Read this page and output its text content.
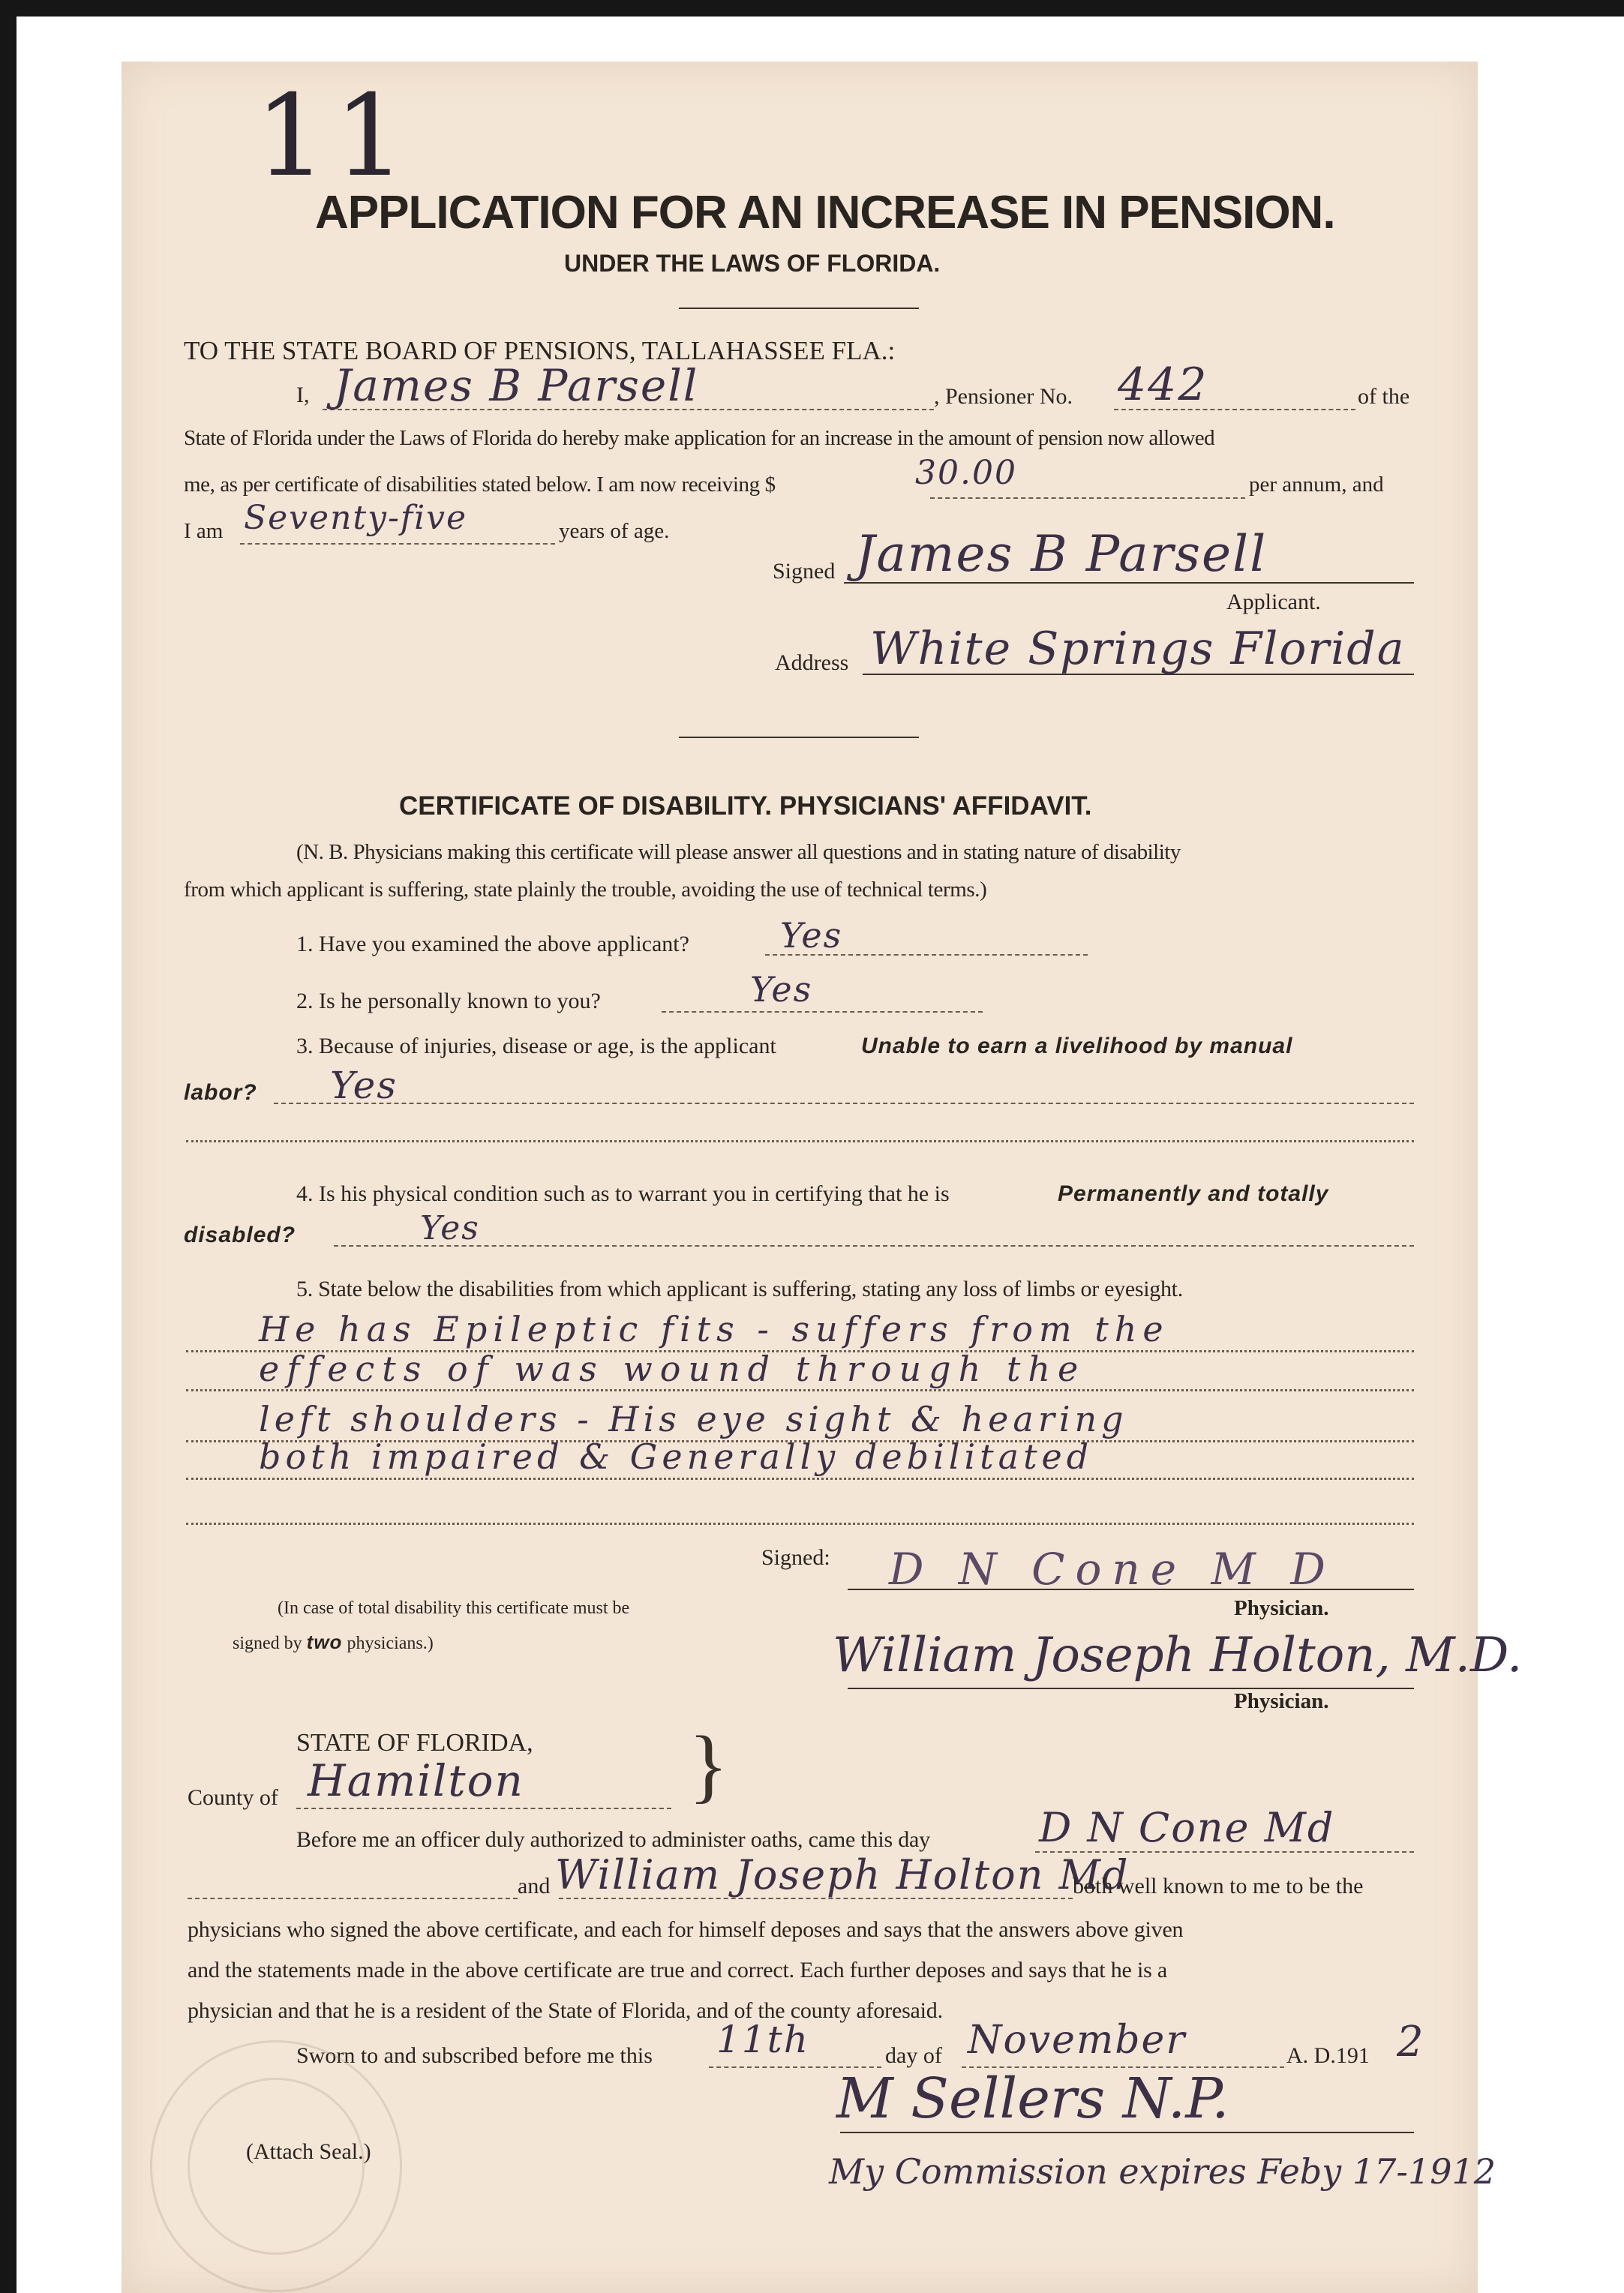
11
APPLICATION FOR AN INCREASE IN PENSION.
UNDER THE LAWS OF FLORIDA.
TO THE STATE BOARD OF PENSIONS, TALLAHASSEE FLA.:
I, James B Parsell	, Pensioner No. 442	of the
State of Florida under the Laws of Florida do hereby make application for an increase in the amount of pension now allowed
me, as per certificate of disabilities stated below. I am now receiving $	30.00	per annum, and
I am Seventy-five	years of age.
Signed James B Parsell
Applicant.
Address White Springs Florida
CERTIFICATE OF DISABILITY. PHYSICIANS' AFFIDAVIT.
(N. B. Physicians making this certificate will please answer all questions and in stating nature of disability
from which applicant is suffering, state plainly the trouble, avoiding the use of technical terms.)
1. Have you examined the above applicant?	Yes
2. Is he personally known to you?	Yes
3. Because of injuries, disease or age, is the applicant	Unable to earn a livelihood by manual
labor? Yes
4. Is his physical condition such as to warrant you in certifying that he is	Permanently and totally
disabled?	Yes
5. State below the disabilities from which applicant is suffering, stating any loss of limbs or eyesight.
He has Epileptic fits - suffers from the
effects of was wound through the
left shoulders - His eye sight & hearing
both impaired & Generally debilitated
Signed: D N Cone M D
Physician.
(In case of total disability this certificate must be
signed by two physicians.)	William Joseph Holton, M.D.
Physician.
STATE OF FLORIDA, }
County of Hamilton
Before me an officer duly authorized to administer oaths, came this day	D N Cone Md
and William Joseph Holton Md
both well known to me to be the
physicians who signed the above certificate, and each for himself deposes and says that the answers above given
and the statements made in the above certificate are true and correct. Each further deposes and says that he is a
physician and that he is a resident of the State of Florida, and of the county aforesaid.
Sworn to and subscribed before me this 11th	day of November	A. D.191 2
M Sellers N.P.
My Commission expires Feby 17-1912
(Attach Seal.)
